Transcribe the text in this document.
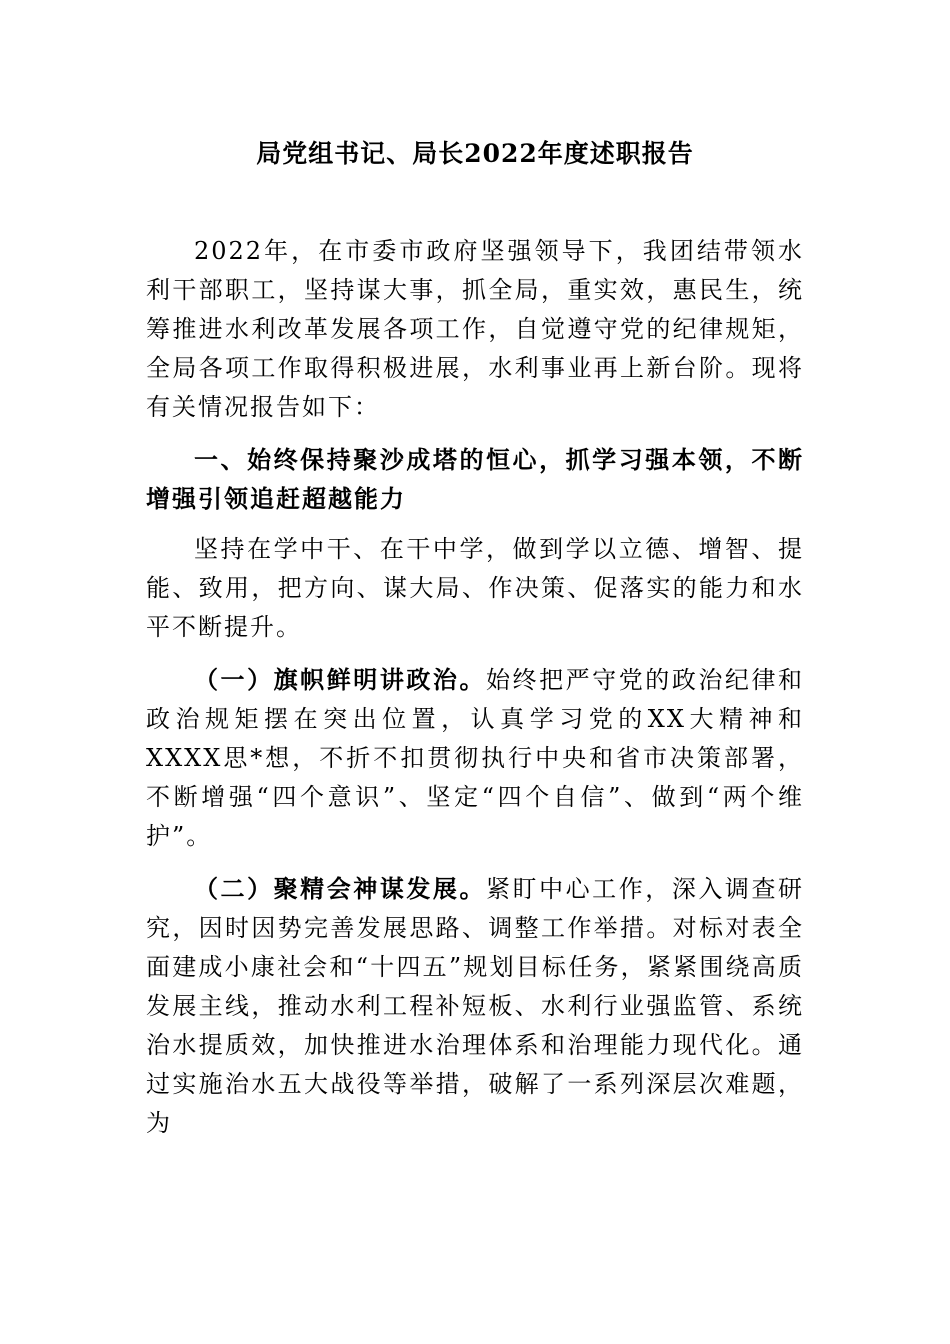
局党组书记、局长2022年度述职报告

2022年，在市委市政府坚强领导下，我团结带领水利干部职工，坚持谋大事，抓全局，重实效，惠民生，统筹推进水利改革发展各项工作，自觉遵守党的纪律规矩，全局各项工作取得积极进展，水利事业再上新台阶。现将有关情况报告如下：

一、始终保持聚沙成塔的恒心，抓学习强本领，不断增强引领追赶超越能力

坚持在学中干、在干中学，做到学以立德、增智、提能、致用，把方向、谋大局、作决策、促落实的能力和水平不断提升。

（一）旗帜鲜明讲政治。始终把严守党的政治纪律和政治规矩摆在突出位置，认真学习党的XX大精神和XXXX思*想，不折不扣贯彻执行中央和省市决策部署，不断增强“四个意识”、坚定“四个自信”、做到“两个维护”。

（二）聚精会神谋发展。紧盯中心工作，深入调查研究，因时因势完善发展思路、调整工作举措。对标对表全面建成小康社会和“十四五”规划目标任务，紧紧围绕高质发展主线，推动水利工程补短板、水利行业强监管、系统治水提质效，加快推进水治理体系和治理能力现代化。通过实施治水五大战役等举措，破解了一系列深层次难题，为
